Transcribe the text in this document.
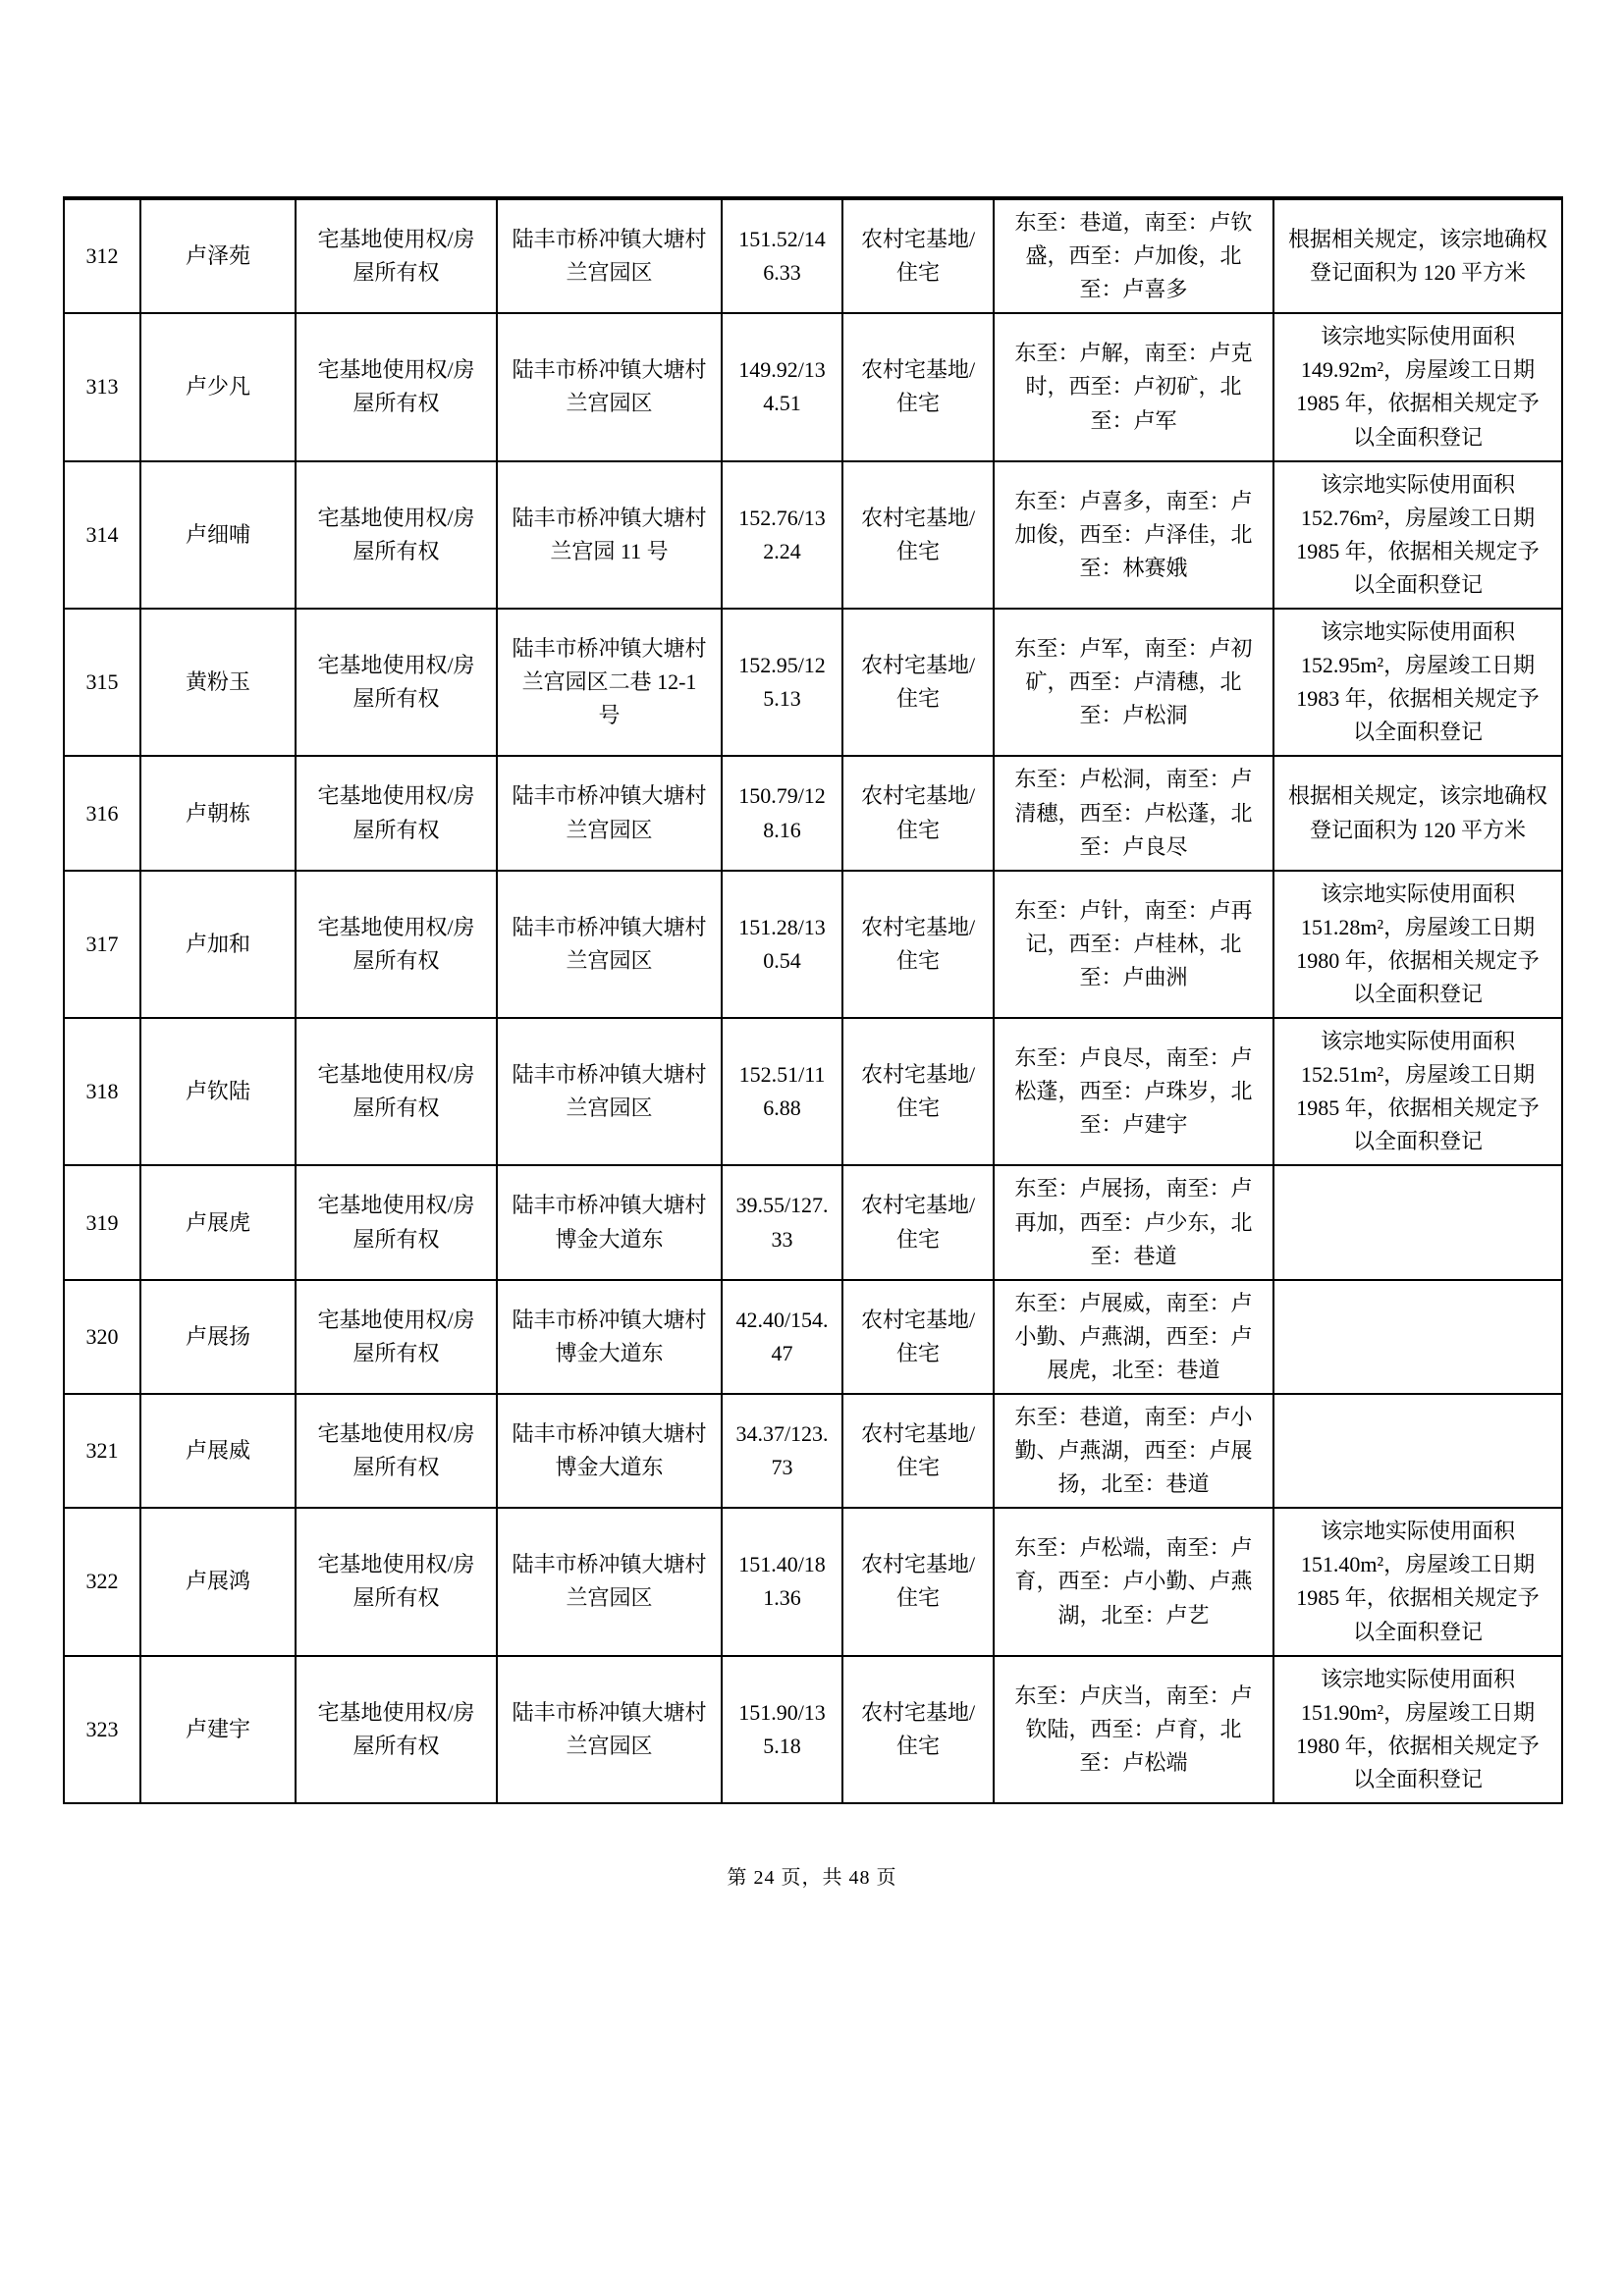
312	卢泽苑	宅基地使用权/房屋所有权	陆丰市桥冲镇大塘村兰宫园区	151.52/146.33	农村宅基地/住宅	东至：巷道，南至：卢钦盛，西至：卢加俊，北至：卢喜多	根据相关规定，该宗地确权登记面积为 120 平方米
313	卢少凡	宅基地使用权/房屋所有权	陆丰市桥冲镇大塘村兰宫园区	149.92/134.51	农村宅基地/住宅	东至：卢解，南至：卢克时，西至：卢初矿，北至：卢军	该宗地实际使用面积 149.92m²，房屋竣工日期 1985 年，依据相关规定予以全面积登记
314	卢细哺	宅基地使用权/房屋所有权	陆丰市桥冲镇大塘村兰宫园 11 号	152.76/132.24	农村宅基地/住宅	东至：卢喜多，南至：卢加俊，西至：卢泽佳，北至：林赛娥	该宗地实际使用面积 152.76m²，房屋竣工日期 1985 年，依据相关规定予以全面积登记
315	黄粉玉	宅基地使用权/房屋所有权	陆丰市桥冲镇大塘村兰宫园区二巷 12-1 号	152.95/125.13	农村宅基地/住宅	东至：卢军，南至：卢初矿，西至：卢清穗，北至：卢松洞	该宗地实际使用面积 152.95m²，房屋竣工日期 1983 年，依据相关规定予以全面积登记
316	卢朝栋	宅基地使用权/房屋所有权	陆丰市桥冲镇大塘村兰宫园区	150.79/128.16	农村宅基地/住宅	东至：卢松洞，南至：卢清穗，西至：卢松蓬，北至：卢良尽	根据相关规定，该宗地确权登记面积为 120 平方米
317	卢加和	宅基地使用权/房屋所有权	陆丰市桥冲镇大塘村兰宫园区	151.28/130.54	农村宅基地/住宅	东至：卢针，南至：卢再记，西至：卢桂林，北至：卢曲洲	该宗地实际使用面积 151.28m²，房屋竣工日期 1980 年，依据相关规定予以全面积登记
318	卢钦陆	宅基地使用权/房屋所有权	陆丰市桥冲镇大塘村兰宫园区	152.51/116.88	农村宅基地/住宅	东至：卢良尽，南至：卢松蓬，西至：卢珠岁，北至：卢建宇	该宗地实际使用面积 152.51m²，房屋竣工日期 1985 年，依据相关规定予以全面积登记
319	卢展虎	宅基地使用权/房屋所有权	陆丰市桥冲镇大塘村博金大道东	39.55/127.33	农村宅基地/住宅	东至：卢展扬，南至：卢再加，西至：卢少东，北至：巷道	
320	卢展扬	宅基地使用权/房屋所有权	陆丰市桥冲镇大塘村博金大道东	42.40/154.47	农村宅基地/住宅	东至：卢展威，南至：卢小勤、卢燕湖，西至：卢展虎，北至：巷道	
321	卢展威	宅基地使用权/房屋所有权	陆丰市桥冲镇大塘村博金大道东	34.37/123.73	农村宅基地/住宅	东至：巷道，南至：卢小勤、卢燕湖，西至：卢展扬，北至：巷道	
322	卢展鸿	宅基地使用权/房屋所有权	陆丰市桥冲镇大塘村兰宫园区	151.40/181.36	农村宅基地/住宅	东至：卢松端，南至：卢育，西至：卢小勤、卢燕湖，北至：卢艺	该宗地实际使用面积 151.40m²，房屋竣工日期 1985 年，依据相关规定予以全面积登记
323	卢建宇	宅基地使用权/房屋所有权	陆丰市桥冲镇大塘村兰宫园区	151.90/135.18	农村宅基地/住宅	东至：卢庆当，南至：卢钦陆，西至：卢育，北至：卢松端	该宗地实际使用面积 151.90m²，房屋竣工日期 1980 年，依据相关规定予以全面积登记
第 24 页，共 48 页
